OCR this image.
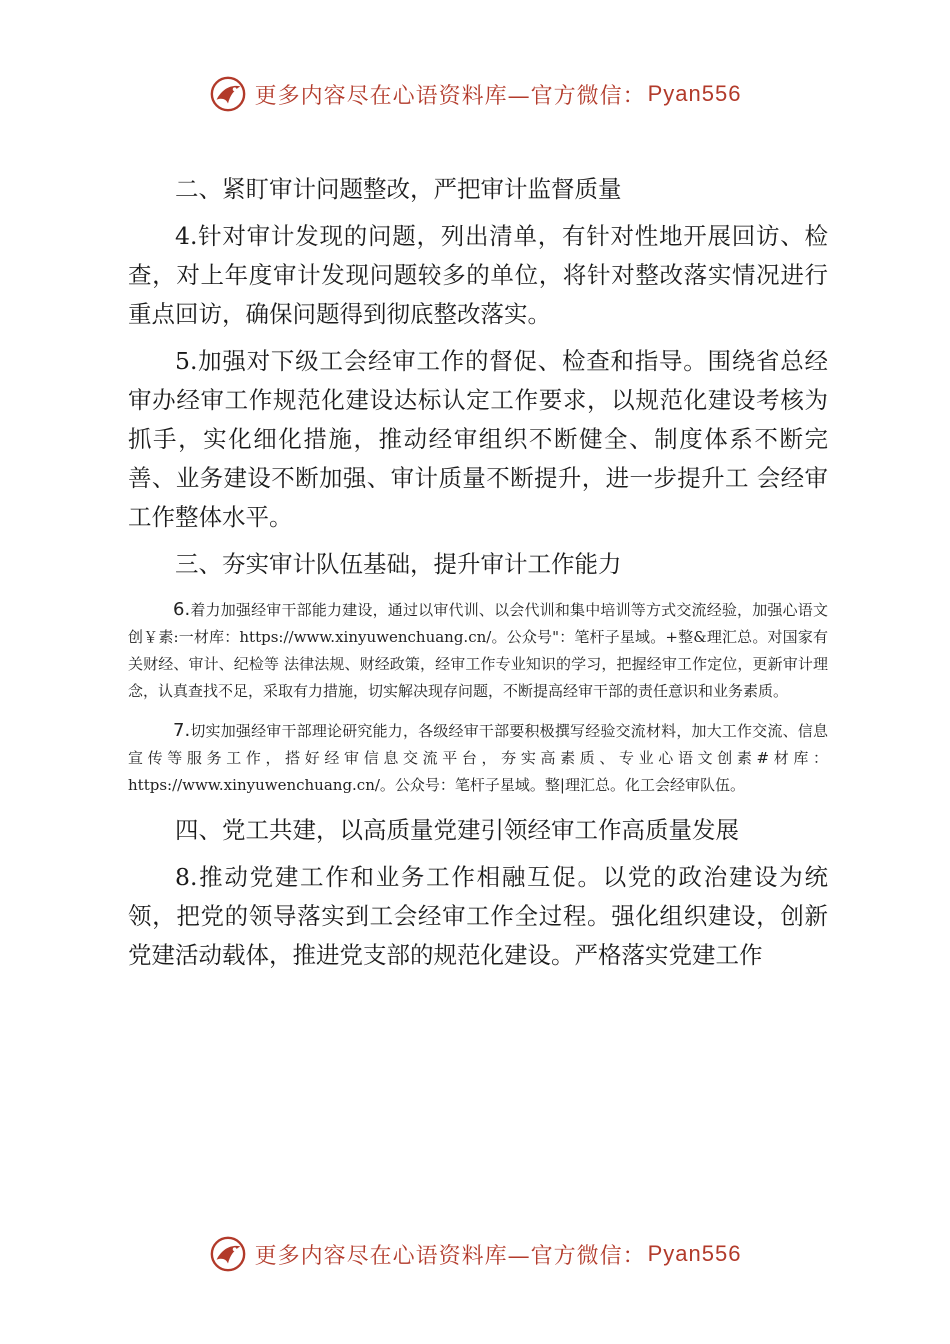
更多内容尽在心语资料库—官方微信： Pyan556

二、紧盯审计问题整改，严把审计监督质量

4.针对审计发现的问题，列出清单，有针对性地开展回访、检查，对上年度审计发现问题较多的单位，将针对整改落实情况进行重点回访，确保问题得到彻底整改落实。

5.加强对下级工会经审工作的督促、检查和指导。围绕省总经审办经审工作规范化建设达标认定工作要求，以规范化建设考核为抓手，实化细化措施，推动经审组织不断健全、制度体系不断完善、业务建设不断加强、审计质量不断提升，进一步提升工 会经审工作整体水平。

三、夯实审计队伍基础，提升审计工作能力

6.着力加强经审干部能力建设，通过以审代训、以会代训和集中培训等方式交流经验，加强心语文创￥素:一材库：https://www.xinyuwenchuang.cn/。公众号"：笔杆子星域。+整&理汇总。对国家有关财经、审计、纪检等 法律法规、财经政策，经审工作专业知识的学习，把握经审工作定位，更新审计理念，认真查找不足，采取有力措施，切实解决现存问题，不断提高经审干部的责任意识和业务素质。

7.切实加强经审干部理论研究能力，各级经审干部要积极撰写经验交流材料，加大工作交流、信息宣传等服务工作，搭好经审信息交流平台，夯实高素质、专业心语文创素#材库：https://www.xinyuwenchuang.cn/。公众号：笔杆子星域。整|理汇总。化工会经审队伍。

四、党工共建，以高质量党建引领经审工作高质量发展

8.推动党建工作和业务工作相融互促。以党的政治建设为统领，把党的领导落实到工会经审工作全过程。强化组织建设，创新党建活动载体，推进党支部的规范化建设。严格落实党建工作

更多内容尽在心语资料库—官方微信： Pyan556
